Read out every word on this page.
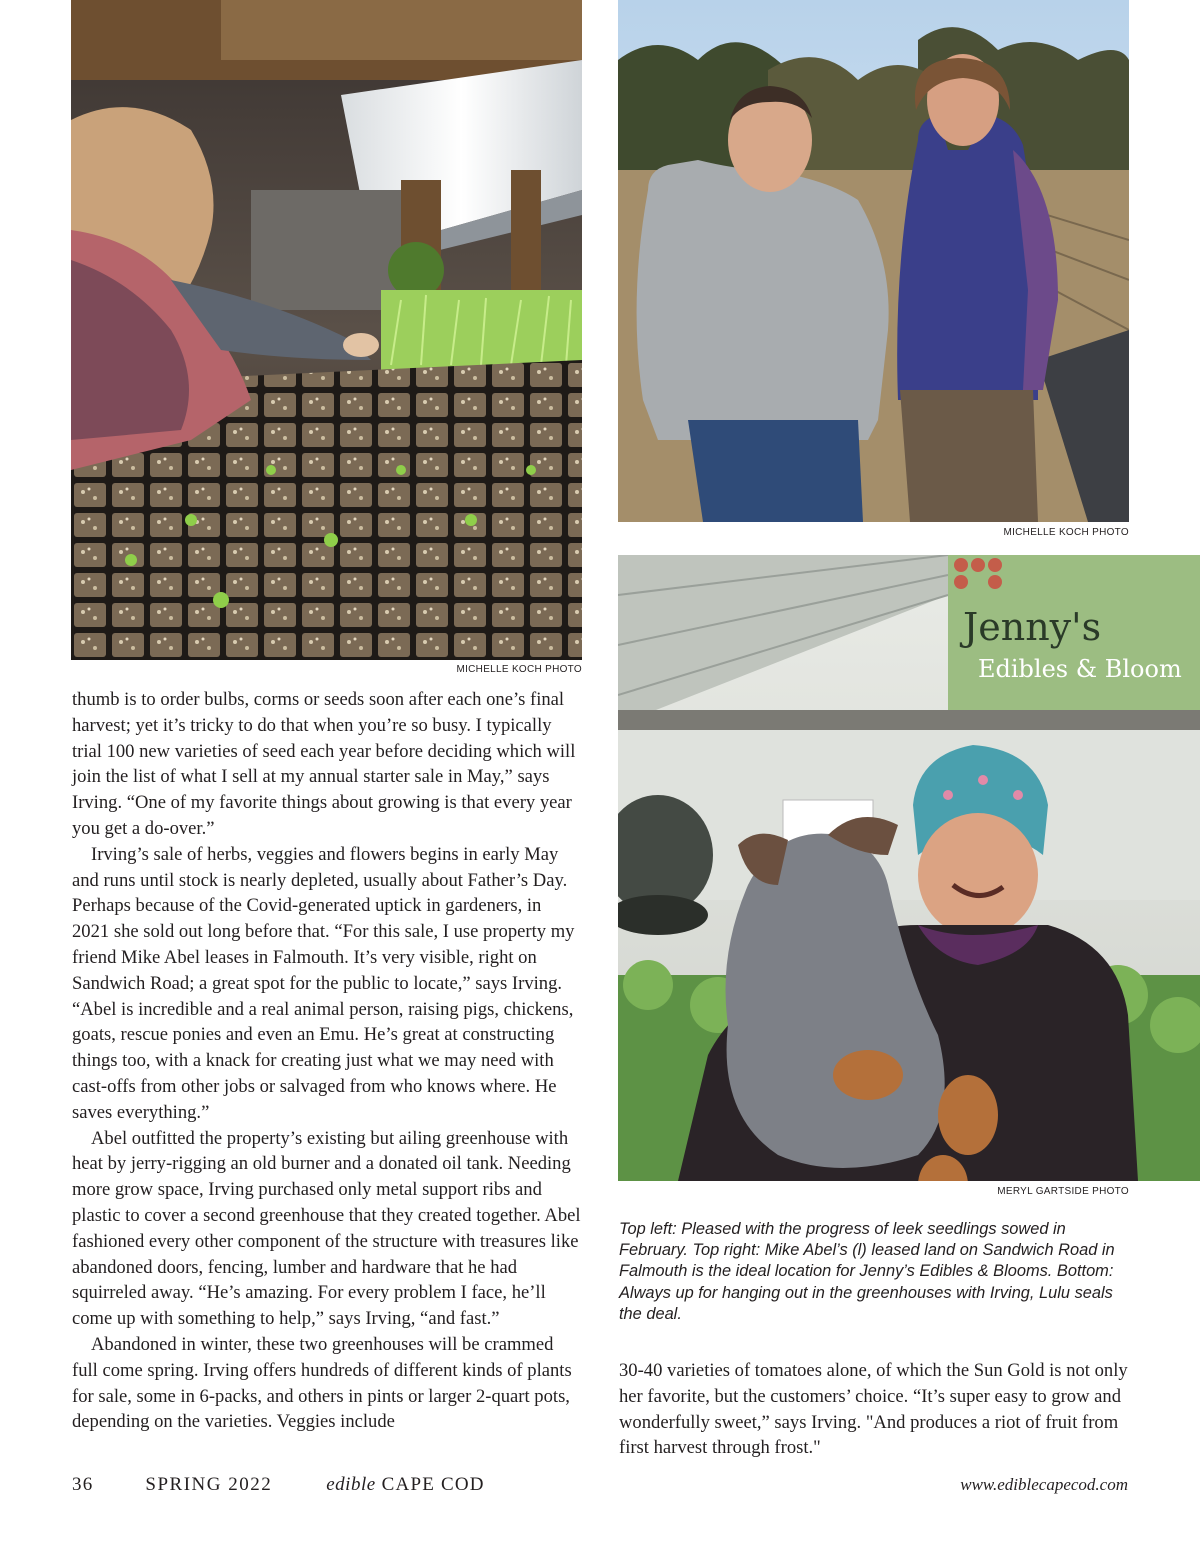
MICHELLE KOCH PHOTO
MICHELLE KOCH PHOTO
Jenny's
Edibles & Bloom
MERYL GARTSIDE PHOTO

thumb is to order bulbs, corms or seeds soon after each one’s final harvest; yet it’s tricky to do that when you’re so busy. I typically trial 100 new varieties of seed each year before deciding which will join the list of what I sell at my annual starter sale in May,” says Irving. “One of my favorite things about growing is that every year you get a do-over.”

Irving’s sale of herbs, veggies and flowers begins in early May and runs until stock is nearly depleted, usually about Father’s Day. Perhaps because of the Covid-generated uptick in gardeners, in 2021 she sold out long before that. “For this sale, I use property my friend Mike Abel leases in Falmouth. It’s very visible, right on Sandwich Road; a great spot for the public to locate,” says Irving. “Abel is incredible and a real animal person, raising pigs, chickens, goats, rescue ponies and even an Emu. He’s great at constructing things too, with a knack for creating just what we may need with cast-offs from other jobs or salvaged from who knows where. He saves everything.”

Abel outfitted the property’s existing but ailing greenhouse with heat by jerry-rigging an old burner and a donated oil tank. Needing more grow space, Irving purchased only metal support ribs and plastic to cover a second greenhouse that they created together. Abel fashioned every other component of the structure with treasures like abandoned doors, fencing, lumber and hardware that he had squirreled away. “He’s amazing. For every problem I face, he’ll come up with something to help,” says Irving, “and fast.”

Abandoned in winter, these two greenhouses will be crammed full come spring. Irving offers hundreds of different kinds of plants for sale, some in 6-packs, and others in pints or larger 2-quart pots, depending on the varieties. Veggies include

Top left: Pleased with the progress of leek seedlings sowed in February. Top right: Mike Abel’s (l) leased land on Sandwich Road in Falmouth is the ideal location for Jenny’s Edibles & Blooms. Bottom: Always up for hanging out in the greenhouses with Irving, Lulu seals the deal.

30-40 varieties of tomatoes alone, of which the Sun Gold is not only her favorite, but the customers’ choice. “It’s super easy to grow and wonderfully sweet,” says Irving. "And produces a riot of fruit from first harvest through frost."

36	SPRING 2022	edible CAPE COD	www.ediblecapecod.com
